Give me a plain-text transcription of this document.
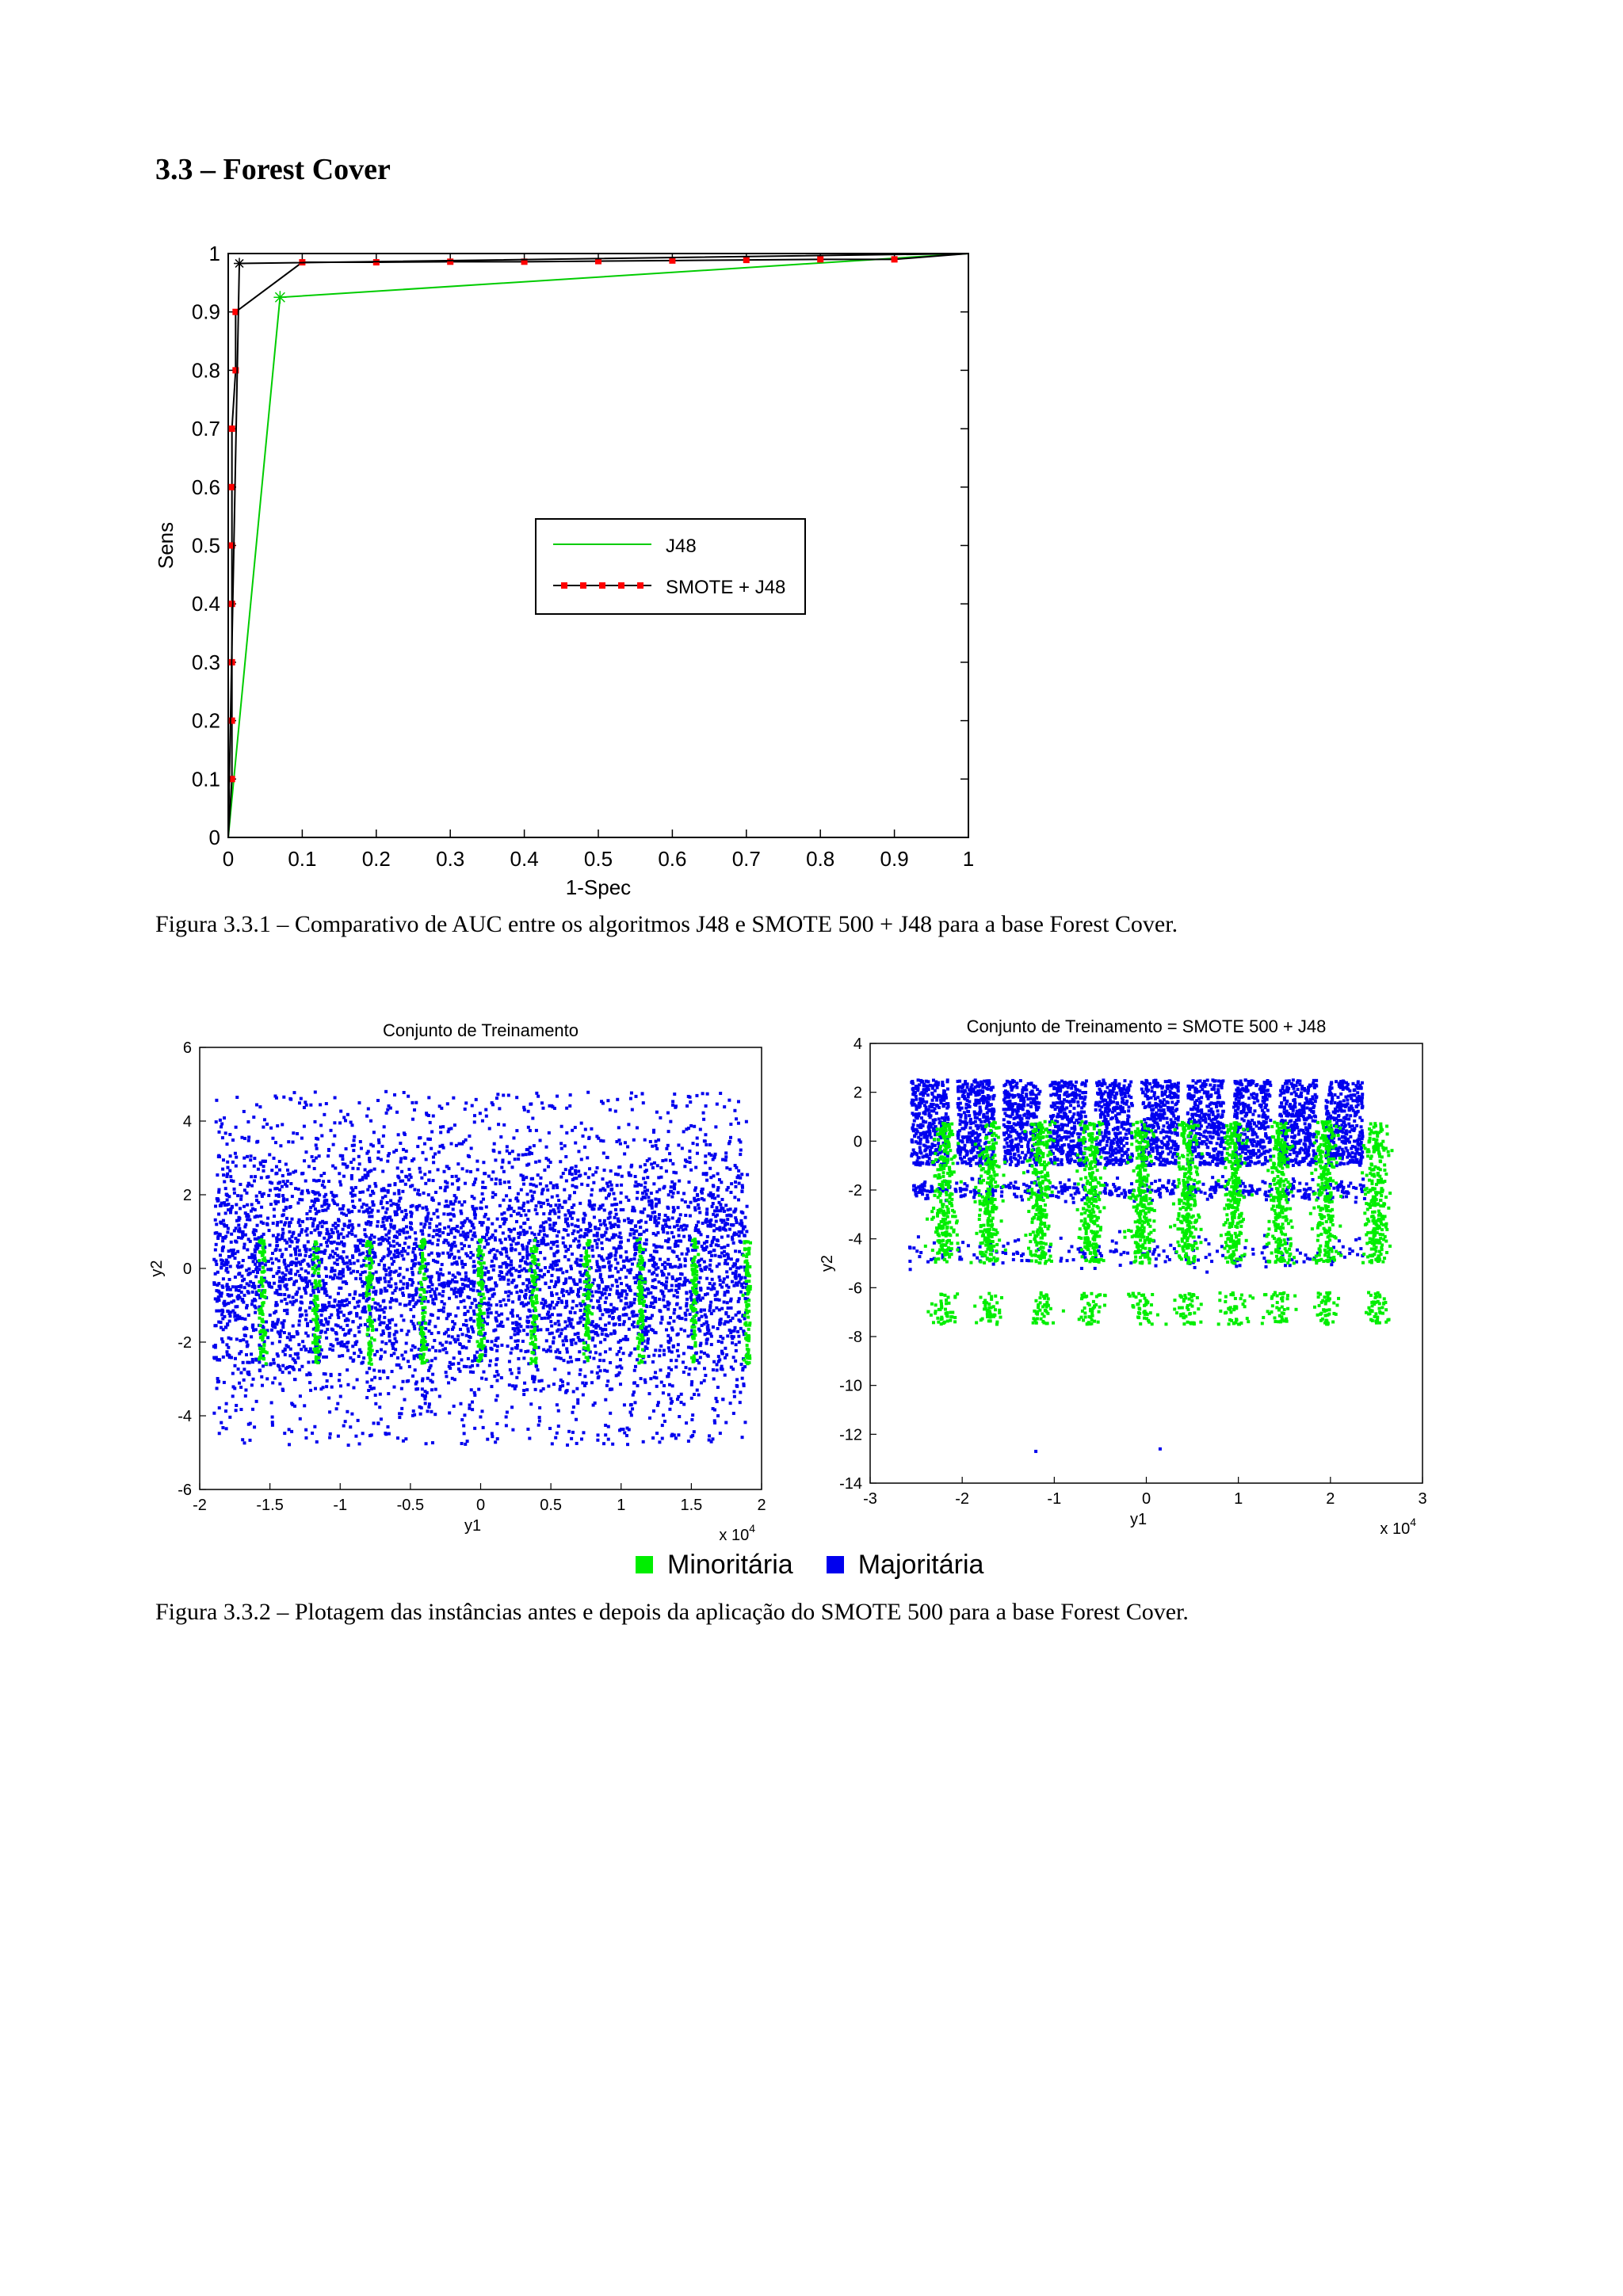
3.3 – Forest Cover
0	0.1 0.2 0.3 0.4 0.5 0.6 0.7 0.8 0.9	1
0
0.1
0.2
0.3
0.4
0.5
0.6
0.7
0.8
0.9
1
1-Spec
Sens	J48
SMOTE + J48

Figura 3.3.1 – Comparativo de AUC entre os algoritmos J48 e SMOTE 500 + J48 para a base Forest Cover.

-2	-1.5	-1	-0.5	0	0.5	1	1.5	2
-6
-4
-2
0
2
4
6
Conjunto de Treinamento
y1
y2
x $10^4$
-3	-2	-1	0	1	2	3
-14
-12
-10
-8
-6
-4
-2
0
2
4
Conjunto de Treinamento = SMOTE 500 + J48
y1
y2
x $10^4$
Minoritária Majoritária

Figura 3.3.2 – Plotagem das instâncias antes e depois da aplicação do SMOTE 500 para a base Forest Cover.
